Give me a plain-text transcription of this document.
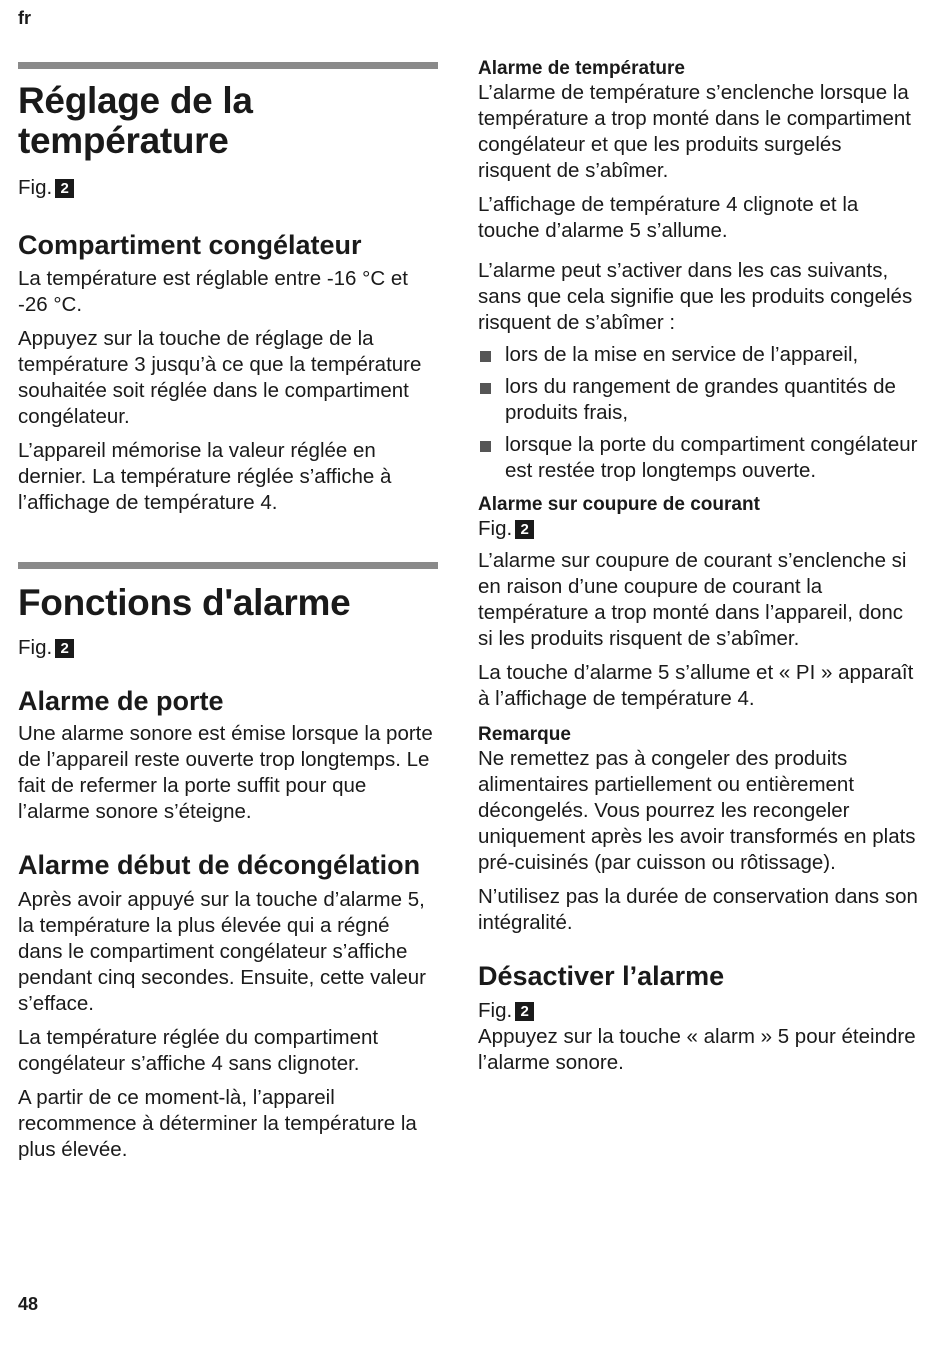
fr
Réglage de la
température
Fig. 2
Compartiment congélateur

La température est réglable entre -16 °C et -26 °C.

Appuyez sur la touche de réglage de la température 3 jusqu’à ce que la température souhaitée soit réglée dans le compartiment congélateur.

L’appareil mémorise la valeur réglée en dernier. La température réglée s’affiche à l’affichage de température 4.

Fonctions d'alarme
Fig. 2
Alarme de porte

Une alarme sonore est émise lorsque la porte de l’appareil reste ouverte trop longtemps. Le fait de refermer la porte suffit pour que l’alarme sonore s’éteigne.

Alarme début de décongélation

Après avoir appuyé sur la touche d’alarme 5, la température la plus élevée qui a régné dans le compartiment congélateur s’affiche pendant cinq secondes. Ensuite, cette valeur s’efface.

La température réglée du compartiment congélateur s’affiche 4 sans clignoter.

A partir de ce moment-là, l’appareil recommence à déterminer la température la plus élevée.

Alarme de température

L’alarme de température s’enclenche lorsque la température a trop monté dans le compartiment congélateur et que les produits surgelés risquent de s’abîmer.

L’affichage de température 4 clignote et la touche d’alarme 5 s’allume.

L’alarme peut s’activer dans les cas suivants, sans que cela signifie que les produits congelés risquent de s’abîmer :

lors de la mise en service de l’appareil,
lors du rangement de grandes quantités de produits frais,
lorsque la porte du compartiment congélateur est restée trop longtemps ouverte.
Alarme sur coupure de courant
Fig. 2

L’alarme sur coupure de courant s’enclenche si en raison d’une coupure de courant la température a trop monté dans l’appareil, donc si les produits risquent de s’abîmer.

La touche d’alarme 5 s’allume et « PI » apparaît à l’affichage de température 4.

Remarque

Ne remettez pas à congeler des produits alimentaires partiellement ou entièrement décongelés. Vous pourrez les recongeler uniquement après les avoir transformés en plats pré-cuisinés (par cuisson ou rôtissage).

N’utilisez pas la durée de conservation dans son intégralité.

Désactiver l’alarme
Fig. 2

Appuyez sur la touche « alarm » 5 pour éteindre l’alarme sonore.

48
